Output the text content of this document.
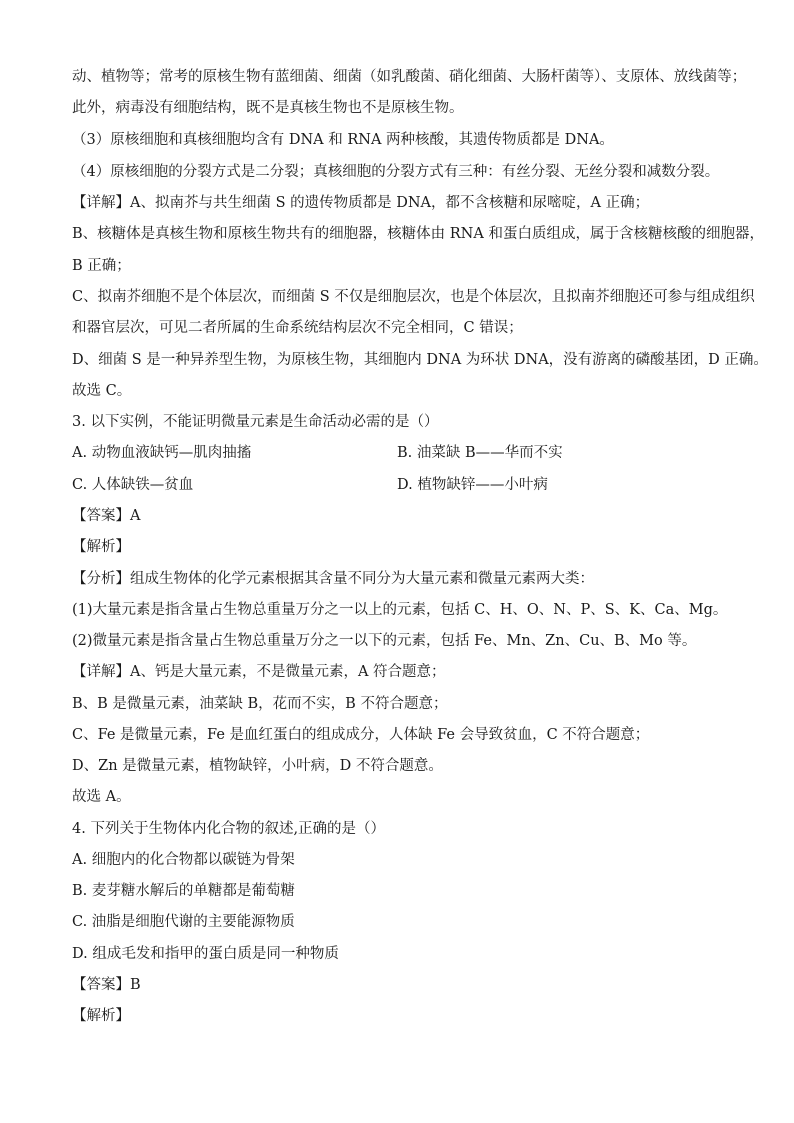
动、植物等；常考的原核生物有蓝细菌、细菌（如乳酸菌、硝化细菌、大肠杆菌等）、支原体、放线菌等；
此外，病毒没有细胞结构，既不是真核生物也不是原核生物。
（3）原核细胞和真核细胞均含有 DNA 和 RNA 两种核酸，其遗传物质都是 DNA。
（4）原核细胞的分裂方式是二分裂；真核细胞的分裂方式有三种：有丝分裂、无丝分裂和减数分裂。
【详解】A、拟南芥与共生细菌 S 的遗传物质都是 DNA，都不含核糖和尿嘧啶，A 正确；
B、核糖体是真核生物和原核生物共有的细胞器，核糖体由 RNA 和蛋白质组成，属于含核糖核酸的细胞器，
B 正确；
C、拟南芥细胞不是个体层次，而细菌 S 不仅是细胞层次，也是个体层次，且拟南芥细胞还可参与组成组织
和器官层次，可见二者所属的生命系统结构层次不完全相同，C 错误；
D、细菌 S 是一种异养型生物，为原核生物，其细胞内 DNA 为环状 DNA，没有游离的磷酸基团，D 正确。
故选 C。
3. 以下实例，不能证明微量元素是生命活动必需的是（）
A. 动物血液缺钙—肌肉抽搐	B. 油菜缺 B——华而不实
C. 人体缺铁—贫血	D. 植物缺锌——小叶病
【答案】A
【解析】
【分析】组成生物体的化学元素根据其含量不同分为大量元素和微量元素两大类：
(1)大量元素是指含量占生物总重量万分之一以上的元素，包括 C、H、O、N、P、S、K、Ca、Mg。
(2)微量元素是指含量占生物总重量万分之一以下的元素，包括 Fe、Mn、Zn、Cu、B、Mo 等。
【详解】A、钙是大量元素，不是微量元素，A 符合题意；
B、B 是微量元素，油菜缺 B，花而不实，B 不符合题意；
C、Fe 是微量元素，Fe 是血红蛋白的组成成分，人体缺 Fe 会导致贫血，C 不符合题意；
D、Zn 是微量元素，植物缺锌，小叶病，D 不符合题意。
故选 A。
4. 下列关于生物体内化合物的叙述,正确的是（）
A. 细胞内的化合物都以碳链为骨架
B. 麦芽糖水解后的单糖都是葡萄糖
C. 油脂是细胞代谢的主要能源物质
D. 组成毛发和指甲的蛋白质是同一种物质
【答案】B
【解析】
